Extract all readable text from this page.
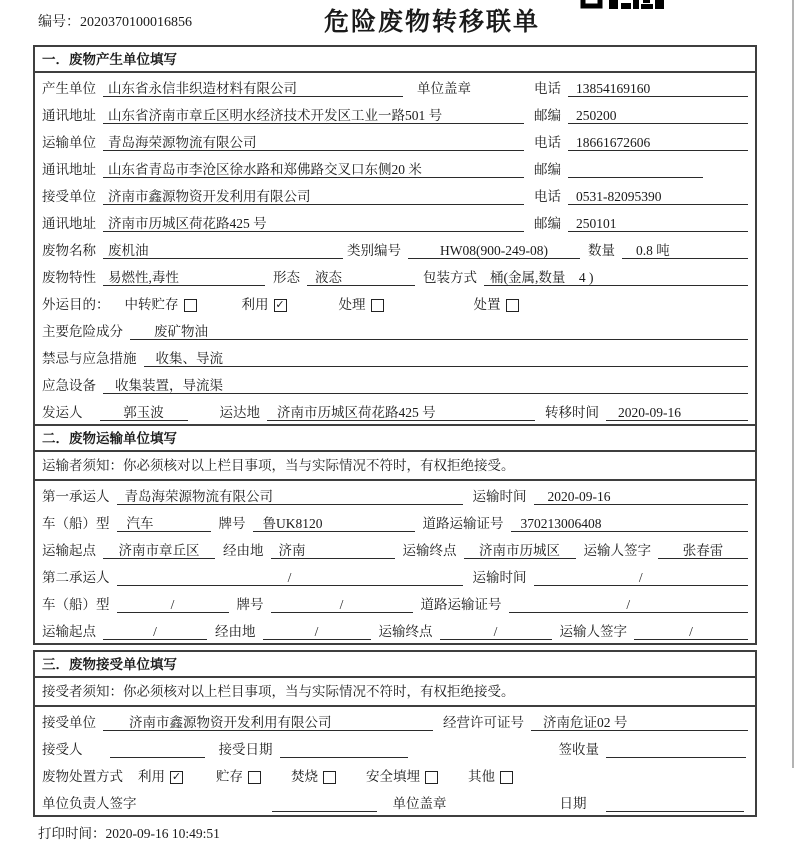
编号：2020370100016856	危险废物转移联单
一．废物产生单位填写
产生单位 山东省永信非织造材料有限公司	单位盖章	电话	13854169160
通讯地址 山东省济南市章丘区明水经济技术开发区工业一路501 号	邮编	250200
运输单位 青岛海荣源物流有限公司	电话	18661672606
通讯地址 山东省青岛市李沧区徐水路和郑佛路交叉口东侧20 米	邮编
接受单位 济南市鑫源物资开发利用有限公司	电话	0531-82095390
通讯地址 济南市历城区荷花路425 号	邮编	250101
废物名称 废机油	类别编号	HW08(900-249-08)	数量	0.8 吨
废物特性 易燃性,毒性	形态	液态	包装方式 桶(金属,数量　4 )
外运目的：	中转贮存	利用 ✓	处理	处置
主要危险成分	废矿物油
禁忌与应急措施	收集、导流
应急设备	收集装置，导流渠
发运人	郭玉波	运达地	济南市历城区荷花路425 号	转移时间	2020-09-16
二．废物运输单位填写
运输者须知：你必须核对以上栏目事项，当与实际情况不符时，有权拒绝接受。
第一承运人	青岛海荣源物流有限公司	运输时间	2020-09-16
车（船）型	汽车	牌号	鲁UK8120	道路运输证号	370213006408
运输起点	济南市章丘区	经由地	济南	运输终点	济南市历城区	运输人签字	张春雷
第二承运人	/	运输时间	/
车（船）型	/	牌号	/	道路运输证号	/
运输起点	/	经由地	/	运输终点	/	运输人签字	/
三．废物接受单位填写
接受者须知：你必须核对以上栏目事项，当与实际情况不符时，有权拒绝接受。
接受单位	济南市鑫源物资开发利用有限公司	经营许可证号	济南危证02 号
接受人	接受日期	签收量
废物处置方式	利用 ✓	贮存	焚烧	安全填埋	其他
单位负责人签字	单位盖章	日期
打印时间：2020-09-16 10:49:51
